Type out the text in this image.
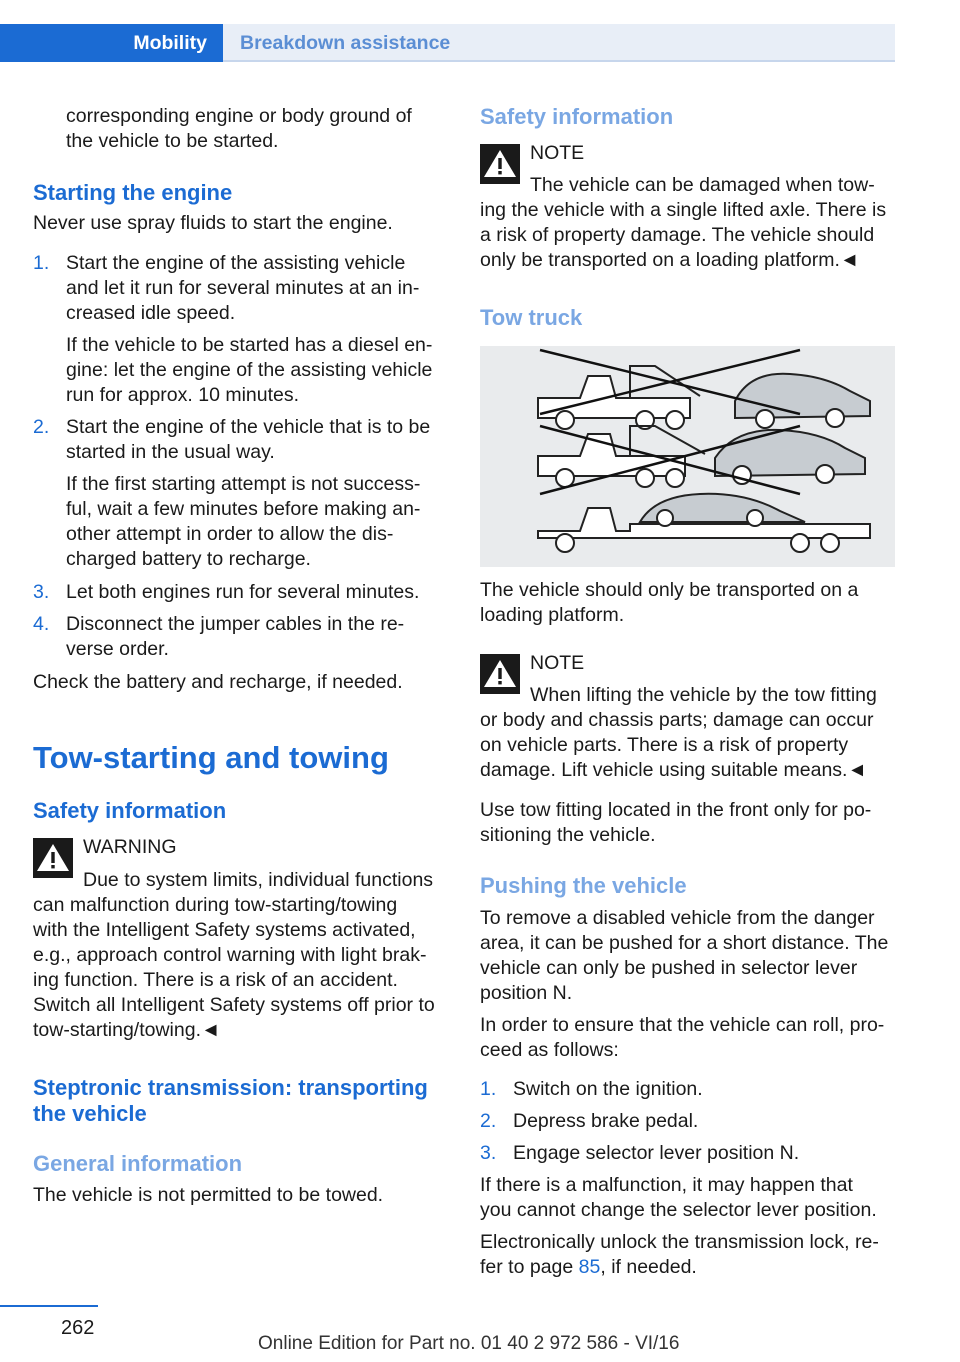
Mobility	Breakdown assistance
corresponding engine or body ground of
the vehicle to be started.
Starting the engine
Never use spray fluids to start the engine.
1. Start the engine of the assisting vehicle
and let it run for several minutes at an in‐
creased idle speed.
If the vehicle to be started has a diesel en‐
gine: let the engine of the assisting vehicle
run for approx. 10 minutes.
2. Start the engine of the vehicle that is to be
started in the usual way.
If the first starting attempt is not success‐
ful, wait a few minutes before making an‐
other attempt in order to allow the dis‐
charged battery to recharge.
3. Let both engines run for several minutes.
4. Disconnect the jumper cables in the re‐
verse order.
Check the battery and recharge, if needed.
Tow-starting and towing
Safety information
WARNING
Due to system limits, individual functions
can malfunction during tow-starting/towing
with the Intelligent Safety systems activated,
e.g., approach control warning with light brak‐
ing function. There is a risk of an accident.
Switch all Intelligent Safety systems off prior to
tow-starting/towing.◄
Steptronic transmission: transporting
the vehicle
General information
The vehicle is not permitted to be towed.
Safety information
NOTE
The vehicle can be damaged when tow‐
ing the vehicle with a single lifted axle. There is
a risk of property damage. The vehicle should
only be transported on a loading platform.◄
Tow truck
The vehicle should only be transported on a
loading platform.
NOTE
When lifting the vehicle by the tow fitting
or body and chassis parts; damage can occur
on vehicle parts. There is a risk of property
damage. Lift vehicle using suitable means.◄
Use tow fitting located in the front only for po‐
sitioning the vehicle.
Pushing the vehicle
To remove a disabled vehicle from the danger
area, it can be pushed for a short distance. The
vehicle can only be pushed in selector lever
position N.
In order to ensure that the vehicle can roll, pro‐
ceed as follows:
1. Switch on the ignition.
2. Depress brake pedal.
3. Engage selector lever position N.
If there is a malfunction, it may happen that
you cannot change the selector lever position.
Electronically unlock the transmission lock, re‐
fer to page 85, if needed.
262
Online Edition for Part no. 01 40 2 972 586 - VI/16
